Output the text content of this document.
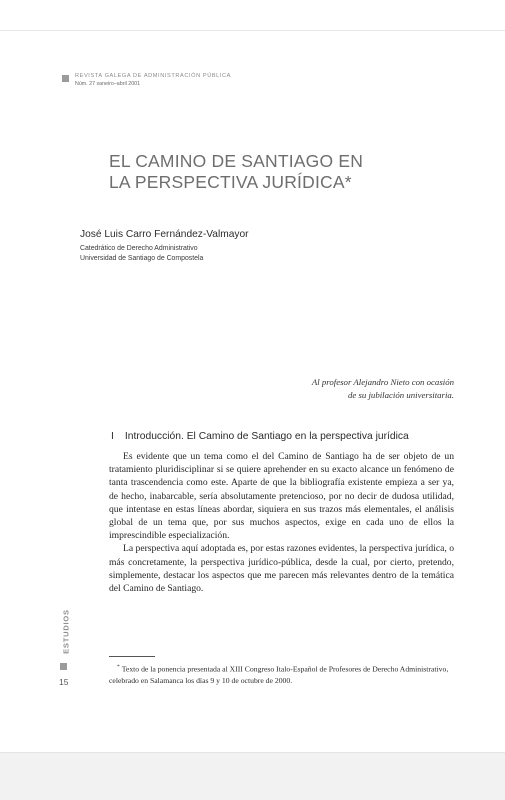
REVISTA GALEGA DE ADMINISTRACIÓN PÚBLICA
Núm. 27 xaneiro–abril 2001
EL CAMINO DE SANTIAGO EN
LA PERSPECTIVA JURÍDICA*
José Luis Carro Fernández-Valmayor
Catedrático de Derecho Administrativo
Universidad de Santiago de Compostela
Al profesor Alejandro Nieto con ocasión
de su jubilación universitaria.
I Introducción. El Camino de Santiago en la perspectiva jurídica

Es evidente que un tema como el del Camino de Santiago ha de ser objeto de un tratamiento pluridisciplinar si se quiere aprehender en su exacto alcance un fenómeno de tanta trascendencia como este. Aparte de que la bibliografía existente empieza a ser ya, de hecho, inabarcable, sería absolutamente pretencioso, por no decir de dudosa utilidad, que intentase en estas líneas abordar, siquiera en sus trazos más elementales, el análisis global de un tema que, por sus muchos aspectos, exige en cada uno de ellos la imprescindible especialización.

La perspectiva aquí adoptada es, por estas razones evidentes, la perspectiva jurídica, o más concretamente, la perspectiva jurídico-pública, desde la cual, por cierto, pretendo, simplemente, destacar los aspectos que me parecen más relevantes dentro de la temática del Camino de Santiago.

* Texto de la ponencia presentada al XIII Congreso Italo-Español de Profesores de Derecho Administrativo, celebrado en Salamanca los días 9 y 10 de octubre de 2000.
ESTUDIOS
15
